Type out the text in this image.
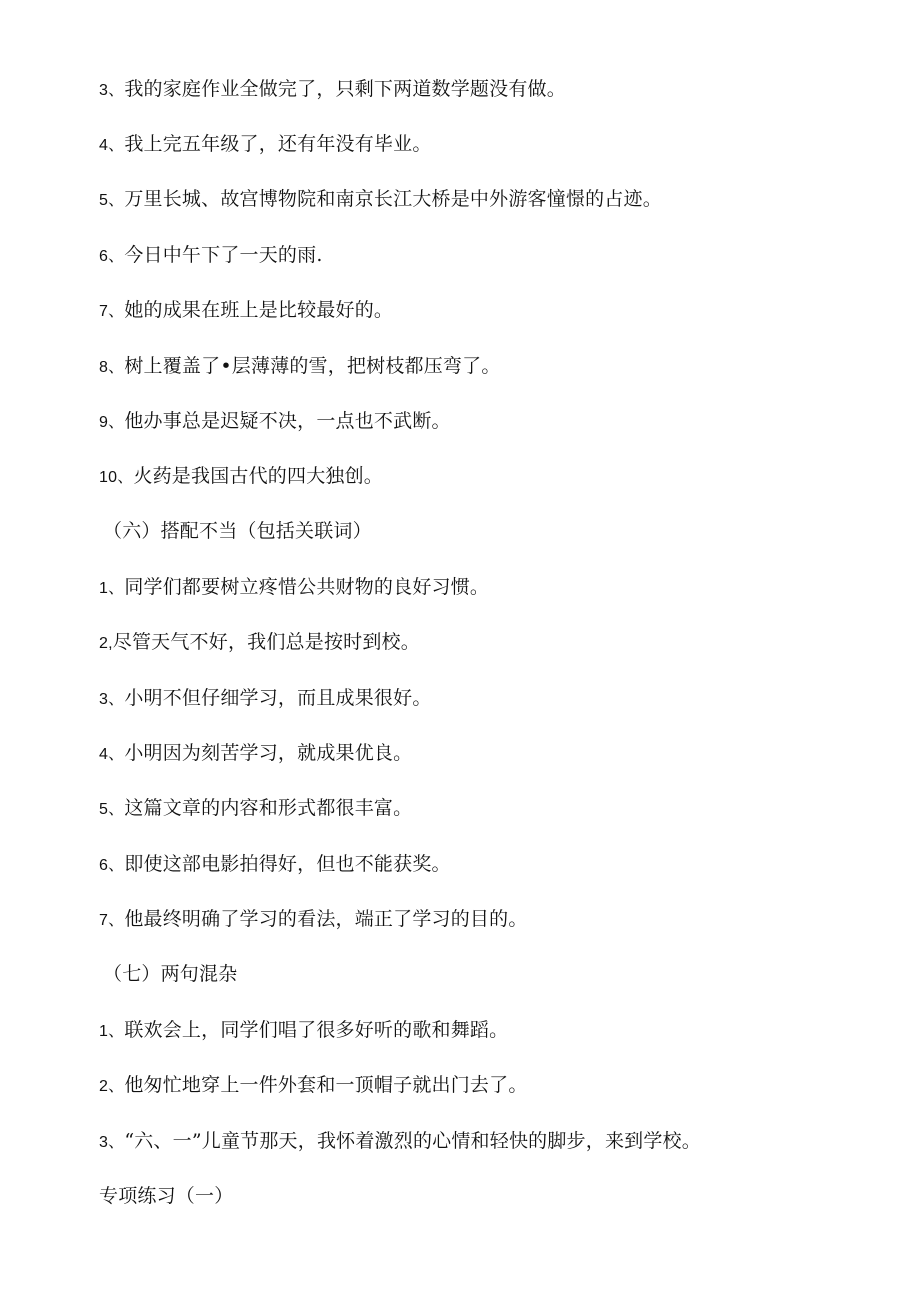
3、我的家庭作业全做完了，只剩下两道数学题没有做。
4、我上完五年级了，还有年没有毕业。
5、万里长城、故宫博物院和南京长江大桥是中外游客憧憬的占迹。
6、今日中午下了一天的雨.
7、她的成果在班上是比较最好的。
8、树上覆盖了•层薄薄的雪，把树枝都压弯了。
9、他办事总是迟疑不决，一点也不武断。
10、火药是我国古代的四大独创。
（六）搭配不当（包括关联词）
1、同学们都要树立疼惜公共财物的良好习惯。
2,尽管天气不好，我们总是按时到校。
3、小明不但仔细学习，而且成果很好。
4、小明因为刻苦学习，就成果优良。
5、这篇文章的内容和形式都很丰富。
6、即使这部电影拍得好，但也不能获奖。
7、他最终明确了学习的看法，端正了学习的目的。
（七）两句混杂
1、联欢会上，同学们唱了很多好听的歌和舞蹈。
2、他匆忙地穿上一件外套和一顶帽子就出门去了。
3、“六、一”儿童节那天，我怀着激烈的心情和轻快的脚步，来到学校。
专项练习（一）
